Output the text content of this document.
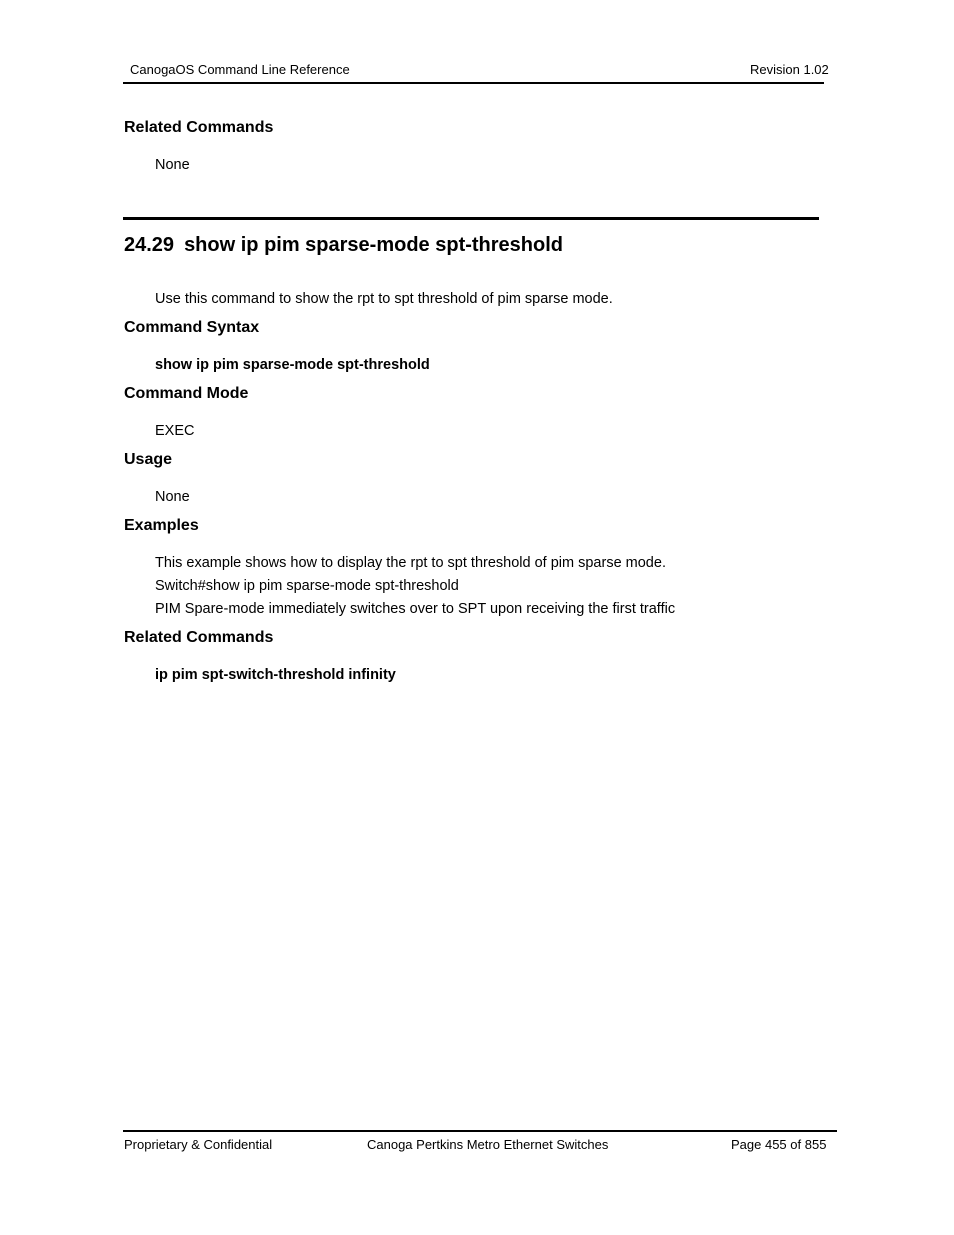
CanogaOS Command Line Reference	Revision 1.02
Related Commands
None
24.29 show ip pim sparse-mode spt-threshold
Use this command to show the rpt to spt threshold of pim sparse mode.
Command Syntax
show ip pim sparse-mode spt-threshold
Command Mode
EXEC
Usage
None
Examples
This example shows how to display the rpt to spt threshold of pim sparse mode.
Switch#show ip pim sparse-mode spt-threshold
PIM Spare-mode immediately switches over to SPT upon receiving the first traffic
Related Commands
ip pim spt-switch-threshold infinity
Proprietary & Confidential	Canoga Pertkins Metro Ethernet Switches	Page 455 of 855
